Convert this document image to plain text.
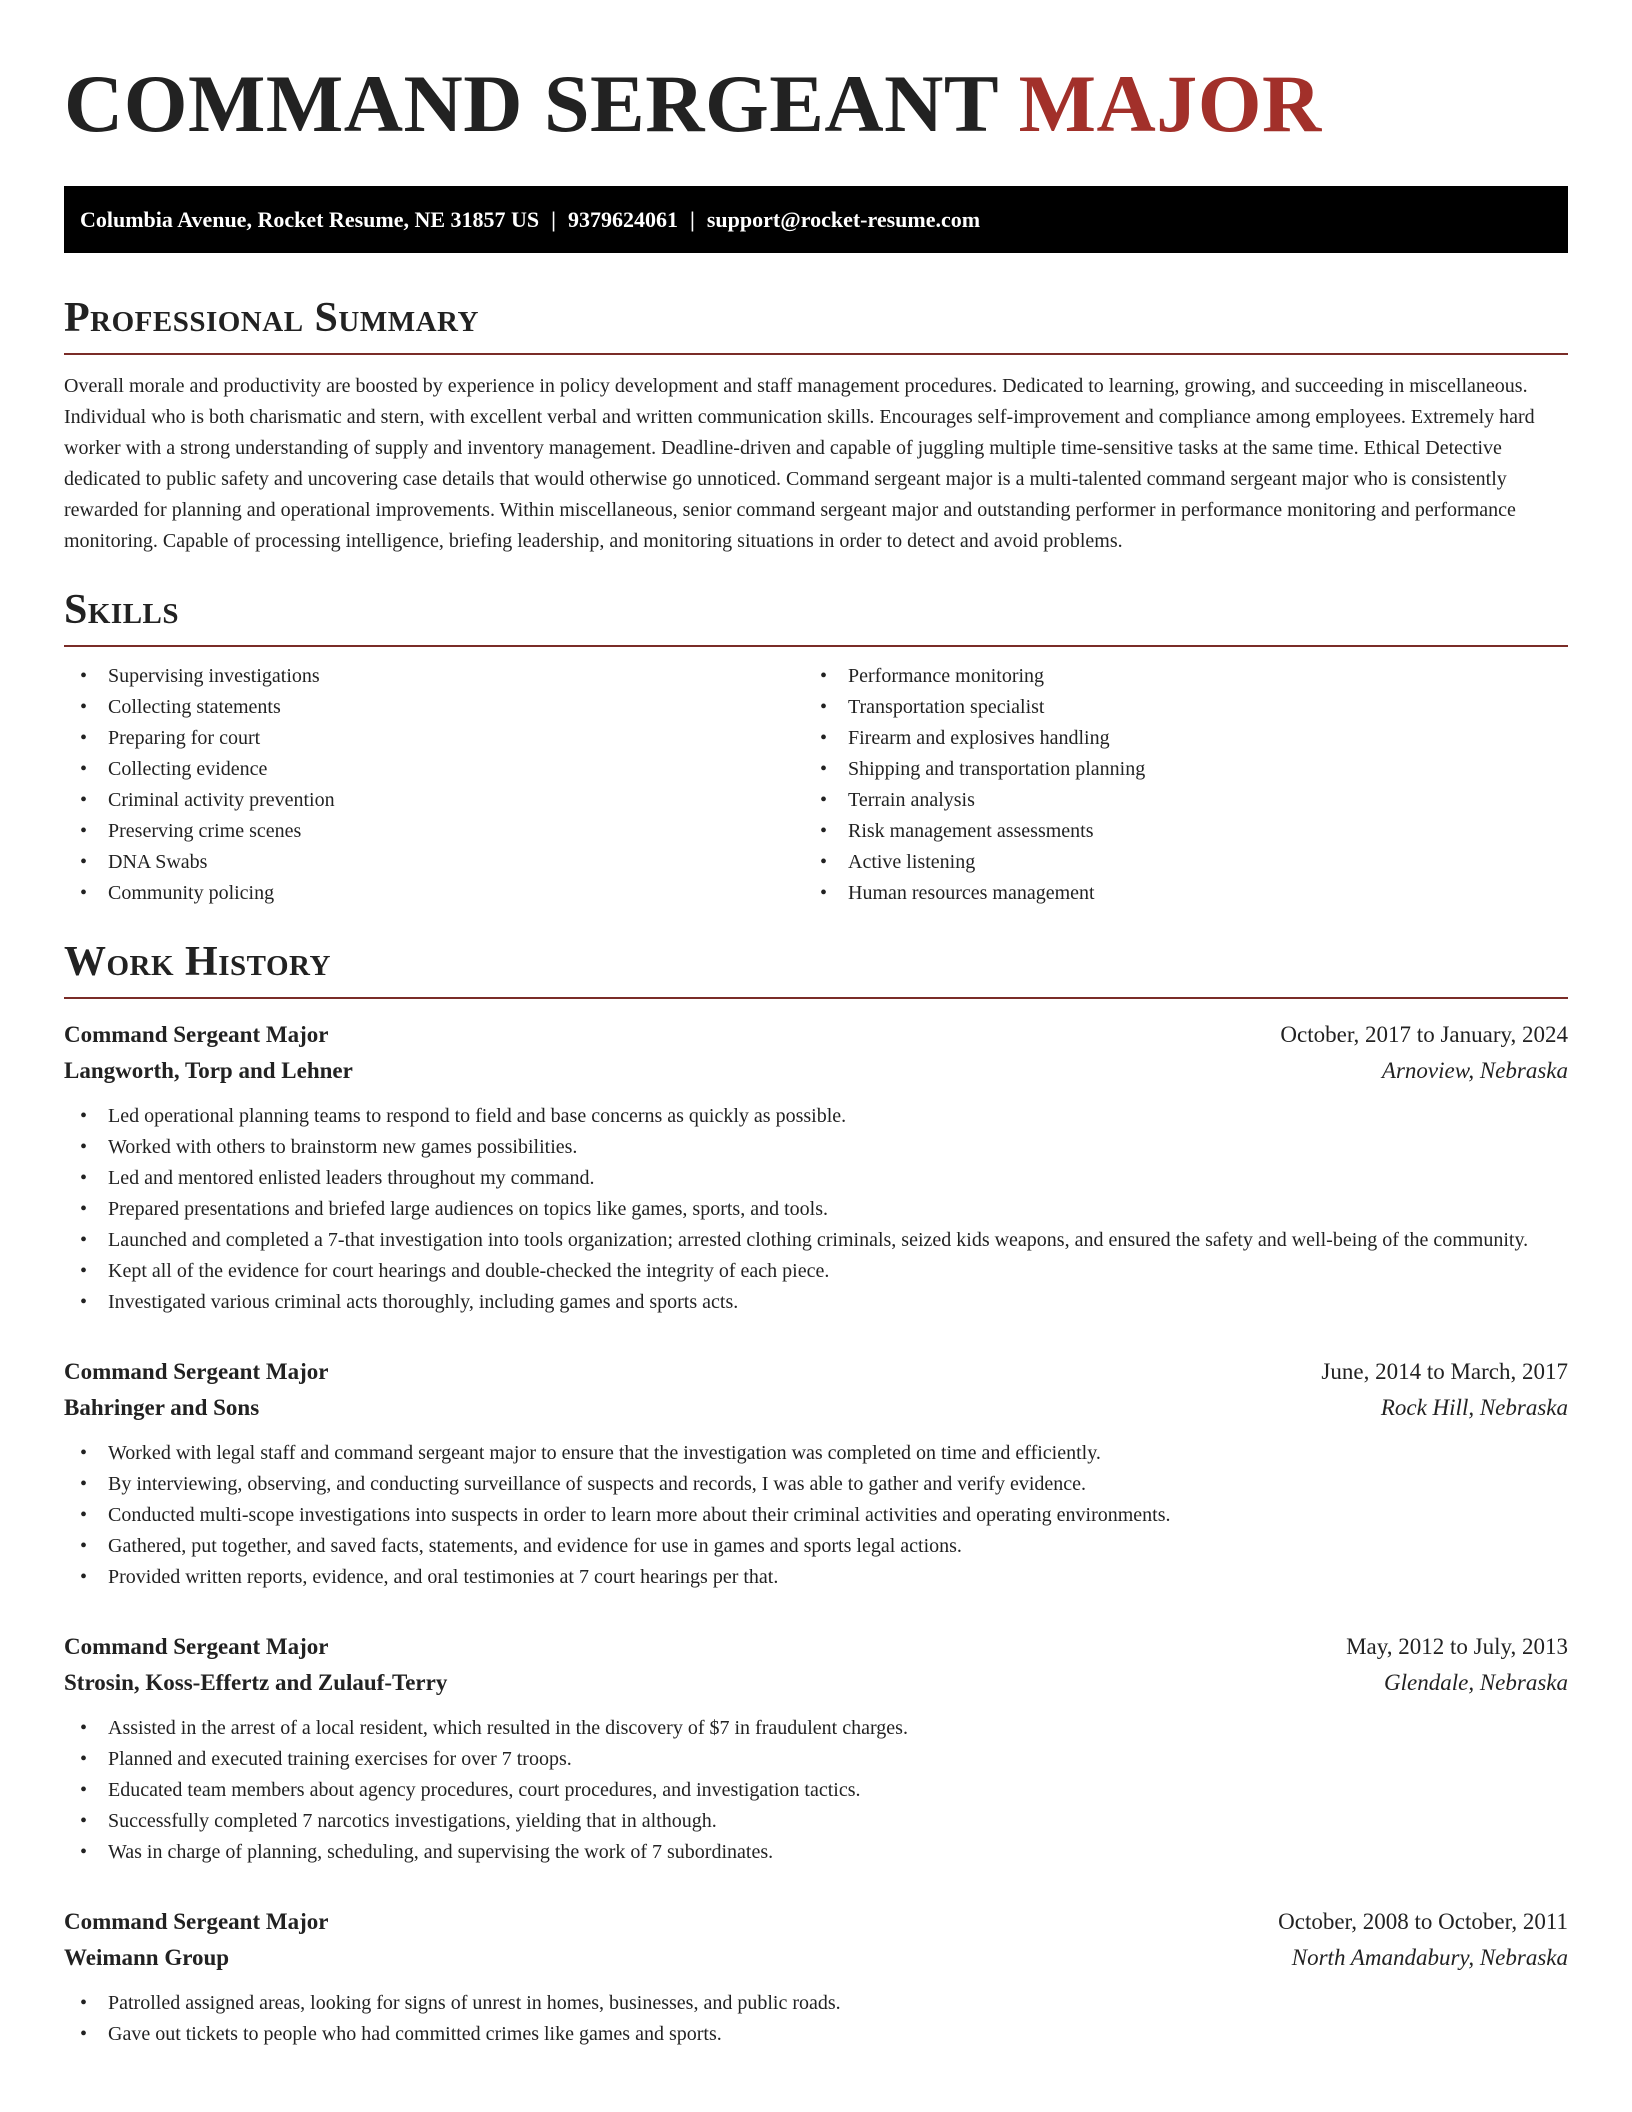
COMMAND SERGEANT MAJOR
Columbia Avenue, Rocket Resume, NE 31857 US | 9379624061 | support@rocket-resume.com
Professional Summary

Overall morale and productivity are boosted by experience in policy development and staff management procedures. Dedicated to learning, growing, and succeeding in miscellaneous. Individual who is both charismatic and stern, with excellent verbal and written communication skills. Encourages self-improvement and compliance among employees. Extremely hard worker with a strong understanding of supply and inventory management. Deadline-driven and capable of juggling multiple time-sensitive tasks at the same time. Ethical Detective dedicated to public safety and uncovering case details that would otherwise go unnoticed. Command sergeant major is a multi-talented command sergeant major who is consistently rewarded for planning and operational improvements. Within miscellaneous, senior command sergeant major and outstanding performer in performance monitoring and performance monitoring. Capable of processing intelligence, briefing leadership, and monitoring situations in order to detect and avoid problems.

Skills
• Supervising investigations
• Collecting statements
• Preparing for court
• Collecting evidence
• Criminal activity prevention
• Preserving crime scenes
• DNA Swabs
• Community policing
• Performance monitoring
• Transportation specialist
• Firearm and explosives handling
• Shipping and transportation planning
• Terrain analysis
• Risk management assessments
• Active listening
• Human resources management
Work History
Command Sergeant Major	October, 2017 to January, 2024
Langworth, Torp and Lehner	Arnoview, Nebraska
• Led operational planning teams to respond to field and base concerns as quickly as possible.
• Worked with others to brainstorm new games possibilities.
• Led and mentored enlisted leaders throughout my command.
• Prepared presentations and briefed large audiences on topics like games, sports, and tools.
• Launched and completed a 7-that investigation into tools organization; arrested clothing criminals, seized kids weapons, and ensured the safety and well-being of the community.
• Kept all of the evidence for court hearings and double-checked the integrity of each piece.
• Investigated various criminal acts thoroughly, including games and sports acts.
Command Sergeant Major	June, 2014 to March, 2017
Bahringer and Sons	Rock Hill, Nebraska
• Worked with legal staff and command sergeant major to ensure that the investigation was completed on time and efficiently.
• By interviewing, observing, and conducting surveillance of suspects and records, I was able to gather and verify evidence.
• Conducted multi-scope investigations into suspects in order to learn more about their criminal activities and operating environments.
• Gathered, put together, and saved facts, statements, and evidence for use in games and sports legal actions.
• Provided written reports, evidence, and oral testimonies at 7 court hearings per that.
Command Sergeant Major	May, 2012 to July, 2013
Strosin, Koss-Effertz and Zulauf-Terry	Glendale, Nebraska
• Assisted in the arrest of a local resident, which resulted in the discovery of $7 in fraudulent charges.
• Planned and executed training exercises for over 7 troops.
• Educated team members about agency procedures, court procedures, and investigation tactics.
• Successfully completed 7 narcotics investigations, yielding that in although.
• Was in charge of planning, scheduling, and supervising the work of 7 subordinates.
Command Sergeant Major	October, 2008 to October, 2011
Weimann Group	North Amandabury, Nebraska
• Patrolled assigned areas, looking for signs of unrest in homes, businesses, and public roads.
• Gave out tickets to people who had committed crimes like games and sports.
